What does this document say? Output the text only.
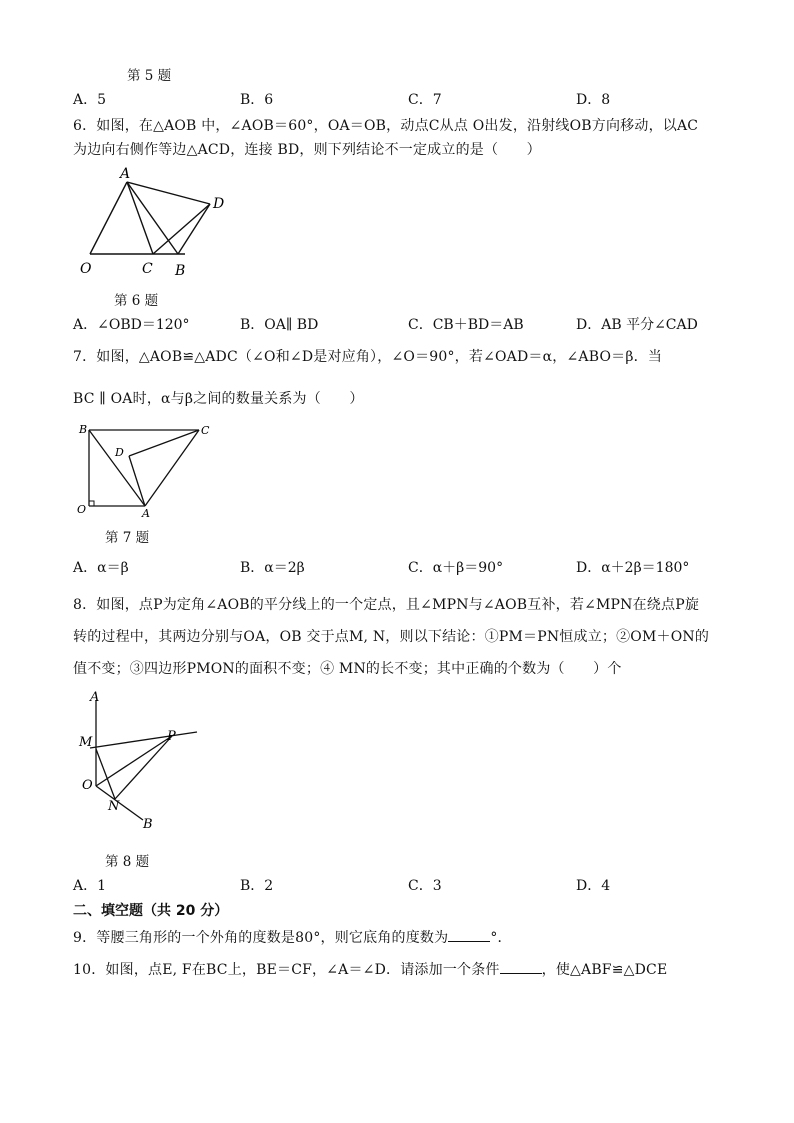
第 5 题
A．5	B．6	C．7	D．8
6．如图，在△AOB 中，∠AOB＝60°，OA＝OB，动点C从点 O出发，沿射线OB方向移动，以AC
为边向右侧作等边△ACD，连接 BD，则下列结论不一定成立的是（　　）
A
D
O	C B
第 6 题
A．∠OBD＝120°	B．OA∥ BD	C．CB＋BD＝AB	D．AB 平分∠CAD
7．如图，△AOB≌△ADC（∠O和∠D是对应角），∠O＝90°，若∠OAD＝α，∠ABO＝β．当
BC ∥ OA时，α与β之间的数量关系为（　　）
B	C
D
O	A
第 7 题
A．α＝β	B．α＝2β	C．α＋β＝90°	D．α＋2β＝180°
8．如图，点P为定角∠AOB的平分线上的一个定点，且∠MPN与∠AOB互补，若∠MPN在绕点P旋
转的过程中，其两边分别与OA，OB 交于点M, N，则以下结论：①PM＝PN恒成立；②OM＋ON的
值不变；③四边形PMON的面积不变；④ MN的长不变；其中正确的个数为（　　）个
A
M	P
O
N
B
第 8 题
A．1	B．2	C．3	D．4
二、填空题（共 20 分）
9．等腰三角形的一个外角的度数是80°，则它底角的度数为	°．
10．如图，点E, F在BC上，BE＝CF，∠A＝∠D．请添加一个条件	，使△ABF≌△DCE
